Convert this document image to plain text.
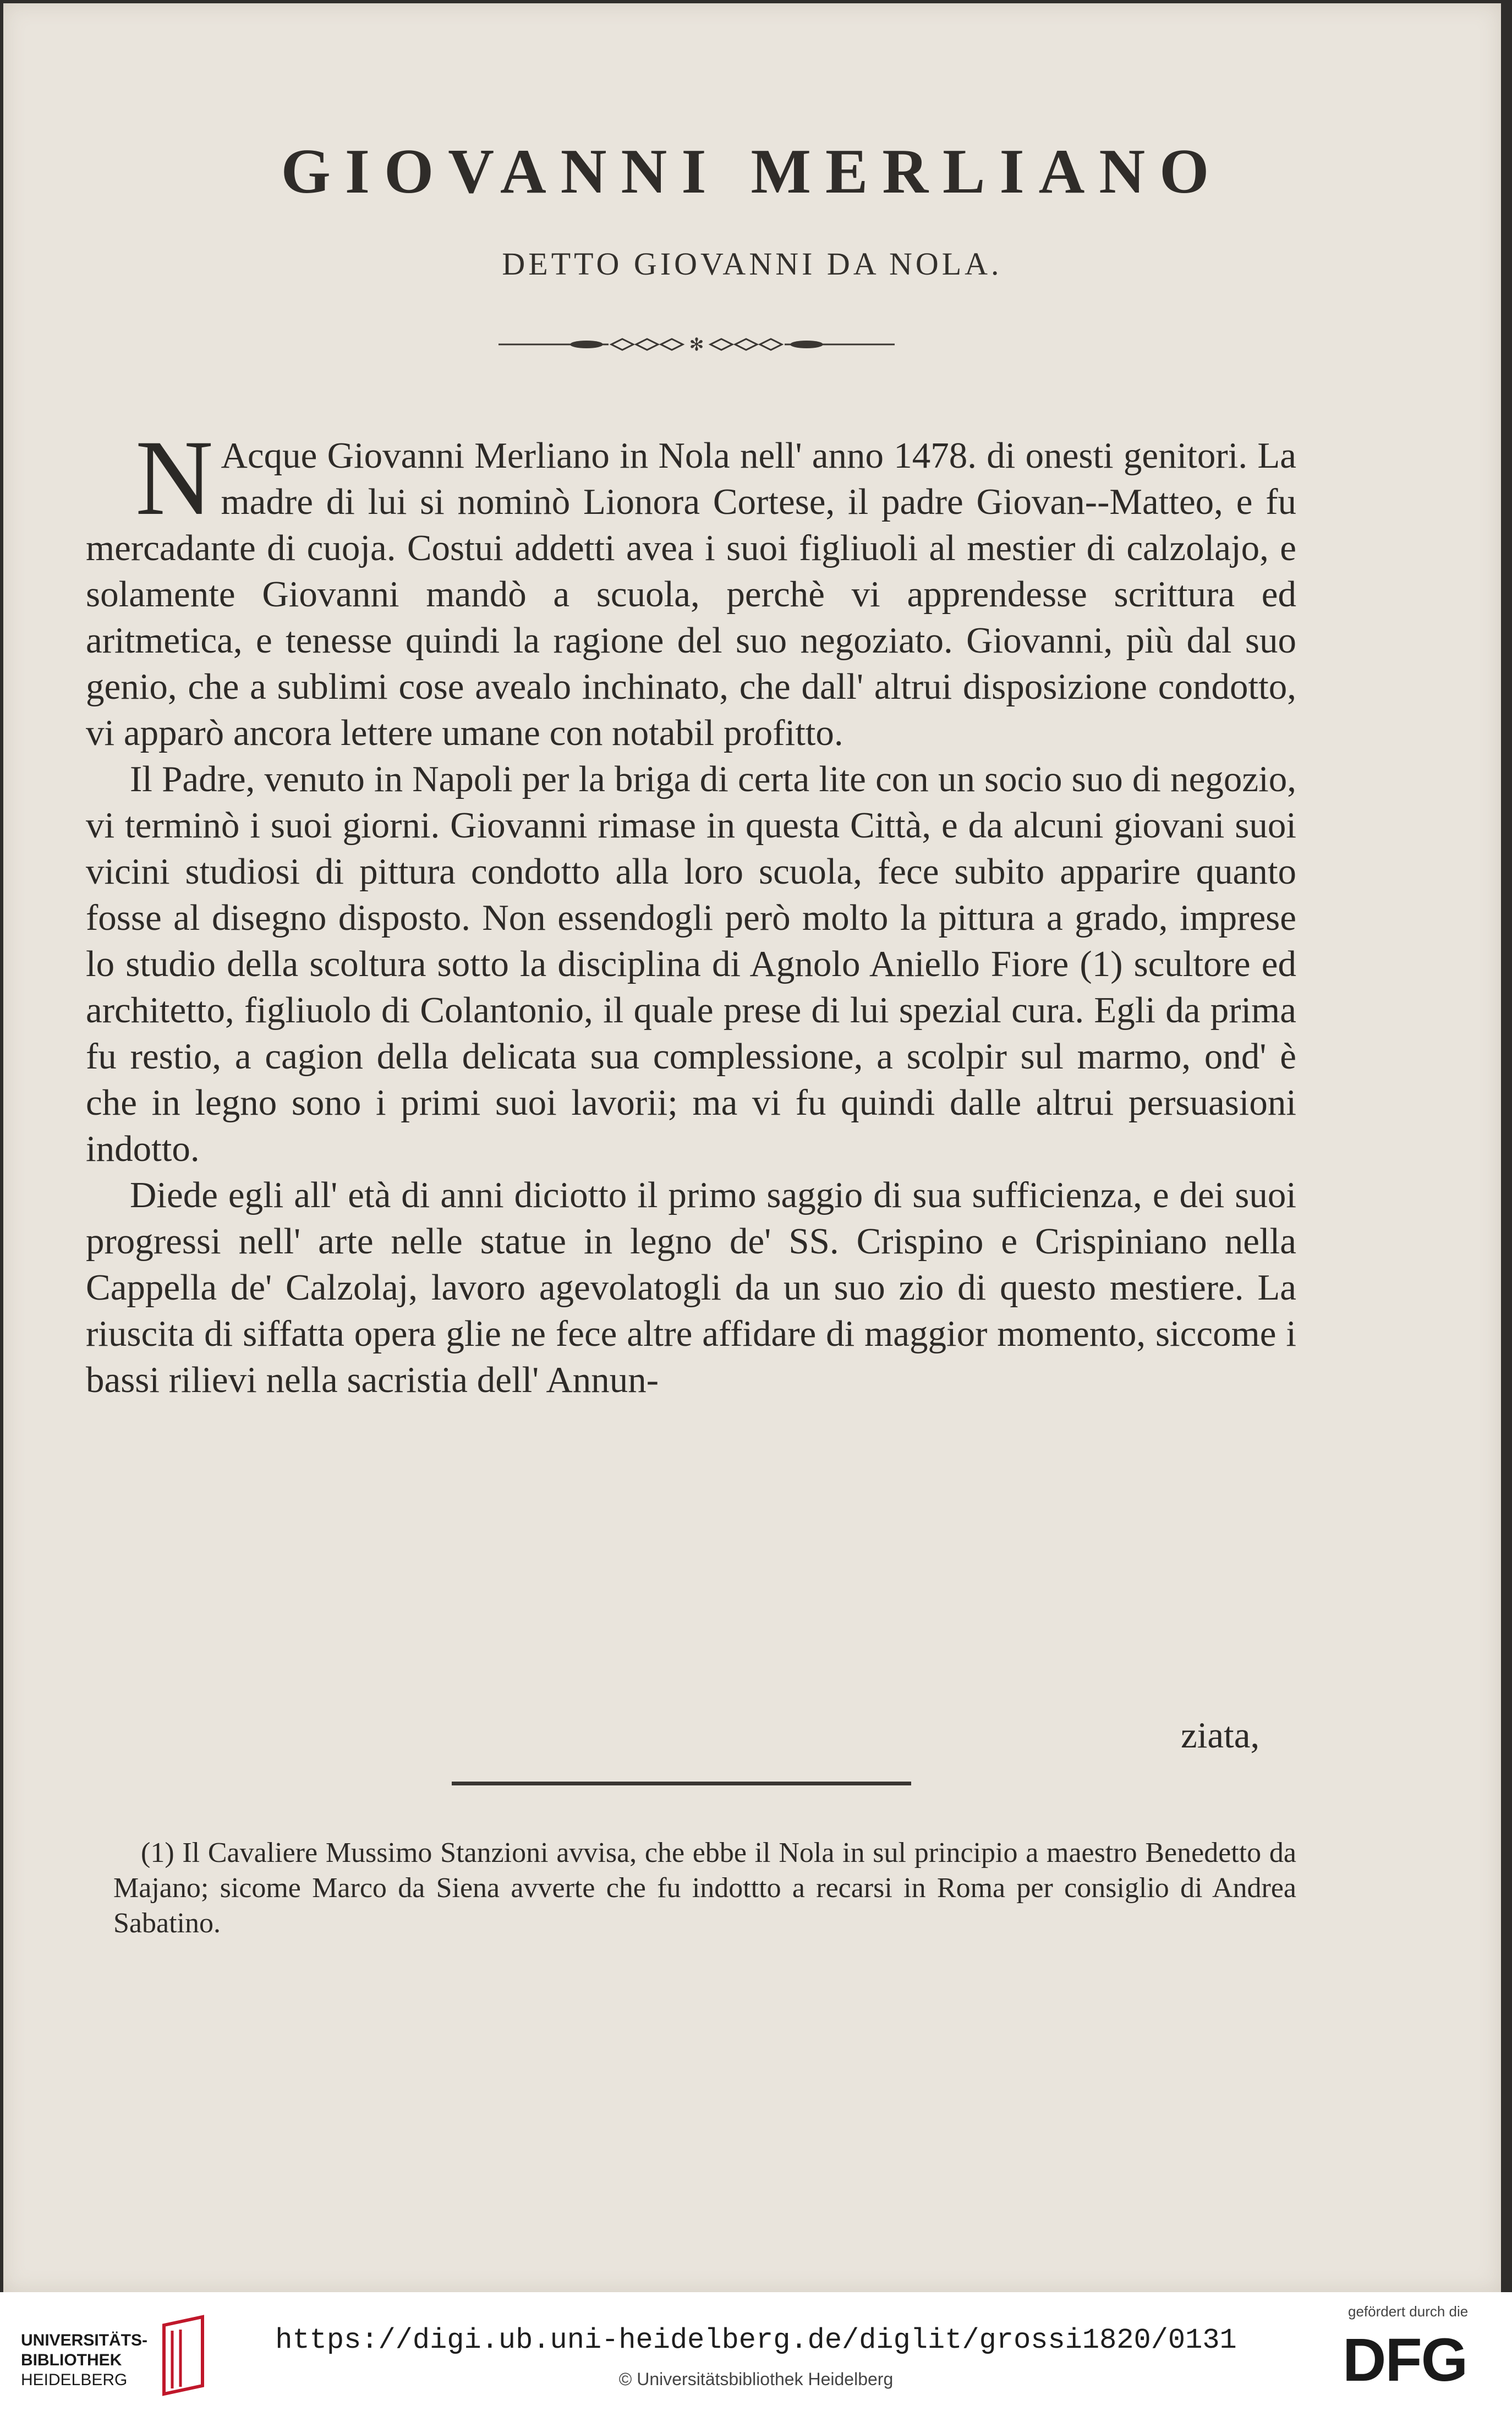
GIOVANNI MERLIANO
DETTO GIOVANNI DA NOLA.
✻
N Acque Giovanni Merliano in Nola nell' anno 1478. di onesti genitori. La madre di lui si nominò Lionora Cortese, il padre Giovan--Matteo, e fu mercadante di cuoja. Costui addetti avea i suoi figliuoli al mestier di calzolajo, e solamente Giovanni mandò a scuola, perchè vi apprendesse scrittura ed aritmetica, e tenesse quindi la ragione del suo negoziato. Giovanni, più dal suo genio, che a sublimi cose avealo inchinato, che dall' altrui disposizione condotto, vi apparò ancora lettere umane con notabil profitto.

Il Padre, venuto in Napoli per la briga di certa lite con un socio suo di negozio, vi terminò i suoi giorni. Giovanni rimase in questa Città, e da alcuni giovani suoi vicini studiosi di pittura condotto alla loro scuola, fece subito apparire quanto fosse al disegno disposto. Non essendogli però molto la pittura a grado, imprese lo studio della scoltura sotto la disciplina di Agnolo Aniello Fiore (1) scultore ed architetto, figliuolo di Colantonio, il quale prese di lui spezial cura. Egli da prima fu restio, a cagion della delicata sua complessione, a scolpir sul marmo, ond' è che in legno sono i primi suoi lavorii; ma vi fu quindi dalle altrui persuasioni indotto.

Diede egli all' età di anni diciotto il primo saggio di sua sufficienza, e dei suoi progressi nell' arte nelle statue in legno de' SS. Crispino e Crispiniano nella Cappella de' Calzolaj, lavoro agevolatogli da un suo zio di questo mestiere. La riuscita di siffatta opera glie ne fece altre affidare di maggior momento, siccome i bassi rilievi nella sacristia dell' Annun-

ziata,

(1) Il Cavaliere Mussimo Stanzioni avvisa, che ebbe il Nola in sul principio a maestro Benedetto da Majano; sicome Marco da Siena avverte che fu indottto a recarsi in Roma per consiglio di Andrea Sabatino.

UNIVERSITÄTS-
BIBLIOTHEK
HEIDELBERG
https://digi.ub.uni-heidelberg.de/diglit/grossi1820/0131
© Universitätsbibliothek Heidelberg
gefördert durch die
DFG
